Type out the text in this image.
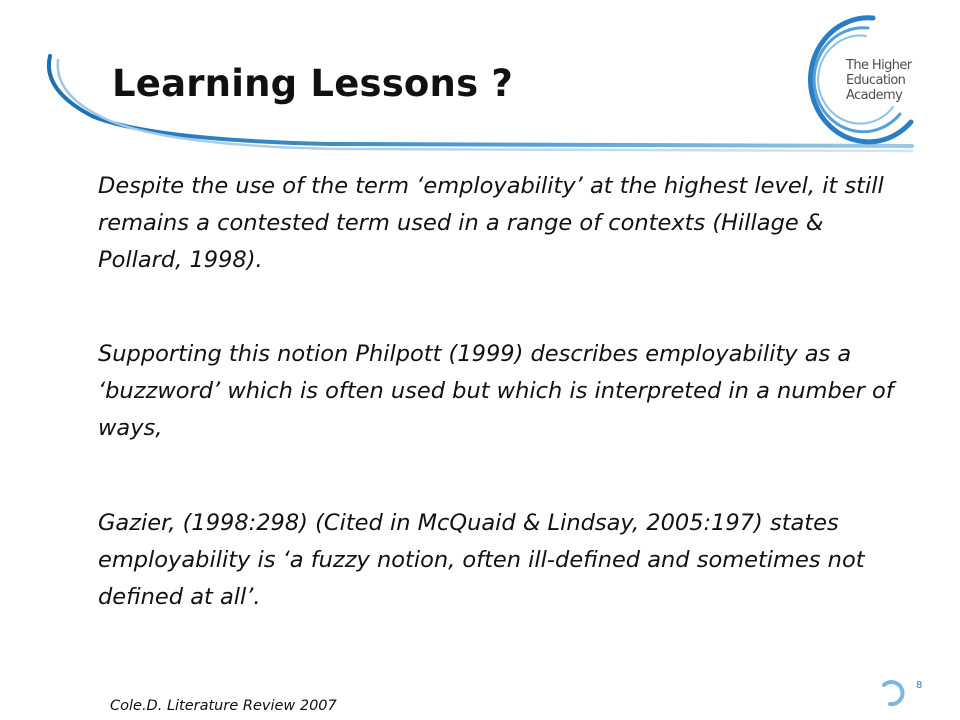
The Higher
Education
Academy
Learning Lessons ?

Despite the use of the term ‘employability’ at the highest level, it still remains a contested term used in a range of contexts (Hillage & Pollard, 1998).

Supporting this notion Philpott (1999) describes employability as a ‘buzzword’ which is often used but which is interpreted in a number of ways,

Gazier, (1998:298) (Cited in McQuaid & Lindsay, 2005:197) states employability is ‘a fuzzy notion, often ill-defined and sometimes not defined at all’.

8
Cole.D. Literature Review 2007
